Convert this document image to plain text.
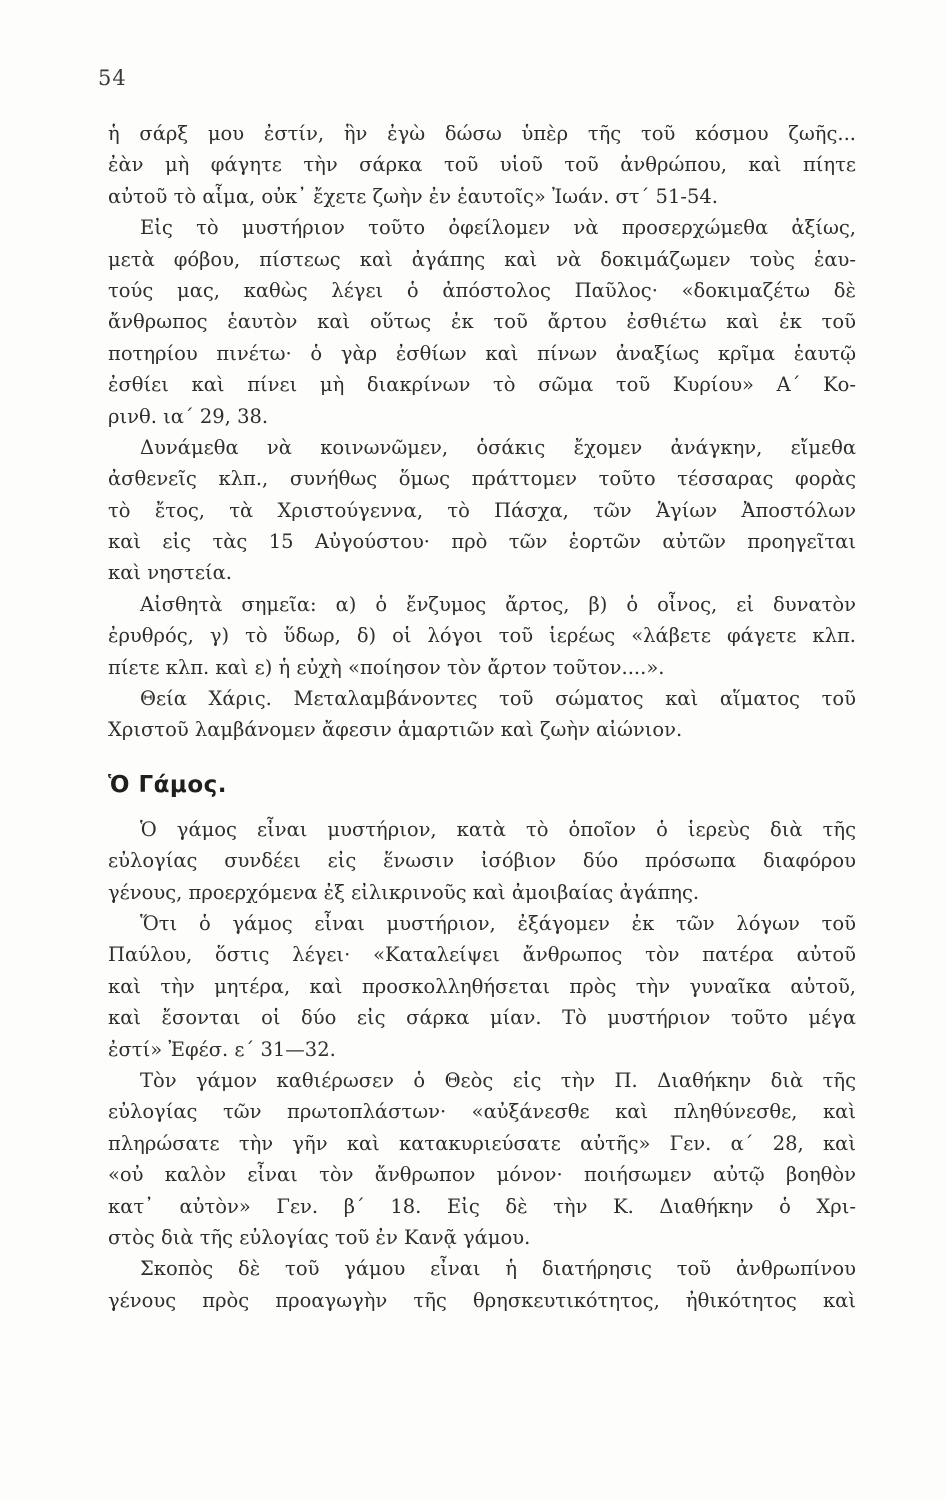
54
ἡ σάρξ μου ἐστίν, ἣν ἐγὼ δώσω ὑπὲρ τῆς τοῦ κόσμου ζωῆς...
ἐὰν μὴ φάγητε τὴν σάρκα τοῦ υἱοῦ τοῦ ἀνθρώπου, καὶ πίητε
αὐτοῦ τὸ αἷμα, οὐκ᾽ ἔχετε ζωὴν ἐν ἑαυτοῖς» Ἰωάν. στ´ 51-54.
Εἰς τὸ μυστήριον τοῦτο ὀφείλομεν νὰ προσερχώμεθα ἀξίως,
μετὰ φόβου, πίστεως καὶ ἀγάπης καὶ νὰ δοκιμάζωμεν τοὺς ἑαυ-
τούς μας, καθὼς λέγει ὁ ἀπόστολος Παῦλος· «δοκιμαζέτω δὲ
ἄνθρωπος ἑαυτὸν καὶ οὕτως ἐκ τοῦ ἄρτου ἐσθιέτω καὶ ἐκ τοῦ
ποτηρίου πινέτω· ὁ γὰρ ἐσθίων καὶ πίνων ἀναξίως κρῖμα ἑαυτῷ
ἐσθίει καὶ πίνει μὴ διακρίνων τὸ σῶμα τοῦ Κυρίου» Α´ Κο-
ρινθ. ια´ 29, 38.
Δυνάμεθα νὰ κοινωνῶμεν, ὁσάκις ἔχομεν ἀνάγκην, εἴμεθα
ἀσθενεῖς κλπ., συνήθως ὅμως πράττομεν τοῦτο τέσσαρας φορὰς
τὸ ἔτος, τὰ Χριστούγεννα, τὸ Πάσχα, τῶν Ἁγίων Ἀποστόλων
καὶ εἰς τὰς 15 Αὐγούστου· πρὸ τῶν ἑορτῶν αὐτῶν προηγεῖται
καὶ νηστεία.
Αἰσθητὰ σημεῖα: α) ὁ ἔνζυμος ἄρτος, β) ὁ οἶνος, εἰ δυνατὸν
ἐρυθρός, γ) τὸ ὕδωρ, δ) οἱ λόγοι τοῦ ἱερέως «λάβετε φάγετε κλπ.
πίετε κλπ. καὶ ε) ἡ εὐχὴ «ποίησον τὸν ἄρτον τοῦτον....».
Θεία Χάρις. Μεταλαμβάνοντες τοῦ σώματος καὶ αἵματος τοῦ
Χριστοῦ λαμβάνομεν ἄφεσιν ἁμαρτιῶν καὶ ζωὴν αἰώνιον.
Ὁ Γάμος.
Ὁ γάμος εἶναι μυστήριον, κατὰ τὸ ὁποῖον ὁ ἱερεὺς διὰ τῆς
εὐλογίας συνδέει εἰς ἕνωσιν ἰσόβιον δύο πρόσωπα διαφόρου
γένους, προερχόμενα ἐξ εἰλικρινοῦς καὶ ἀμοιβαίας ἀγάπης.
Ὅτι ὁ γάμος εἶναι μυστήριον, ἐξάγομεν ἐκ τῶν λόγων τοῦ
Παύλου, ὅστις λέγει· «Καταλείψει ἄνθρωπος τὸν πατέρα αὐτοῦ
καὶ τὴν μητέρα, καὶ προσκολληθήσεται πρὸς τὴν γυναῖκα αὐτοῦ,
καὶ ἔσονται οἱ δύο εἰς σάρκα μίαν. Τὸ μυστήριον τοῦτο μέγα
ἐστί» Ἐφέσ. ε´ 31—32.
Τὸν γάμον καθιέρωσεν ὁ Θεὸς εἰς τὴν Π. Διαθήκην διὰ τῆς
εὐλογίας τῶν πρωτοπλάστων· «αὐξάνεσθε καὶ πληθύνεσθε, καὶ
πληρώσατε τὴν γῆν καὶ κατακυριεύσατε αὐτῆς» Γεν. α´ 28, καὶ
«οὐ καλὸν εἶναι τὸν ἄνθρωπον μόνον· ποιήσωμεν αὐτῷ βοηθὸν
κατ᾽ αὐτὸν» Γεν. β´ 18. Εἰς δὲ τὴν Κ. Διαθήκην ὁ Χρι-
στὸς διὰ τῆς εὐλογίας τοῦ ἐν Κανᾷ γάμου.
Σκοπὸς δὲ τοῦ γάμου εἶναι ἡ διατήρησις τοῦ ἀνθρωπίνου
γένους πρὸς προαγωγὴν τῆς θρησκευτικότητος, ἠθικότητος καὶ
